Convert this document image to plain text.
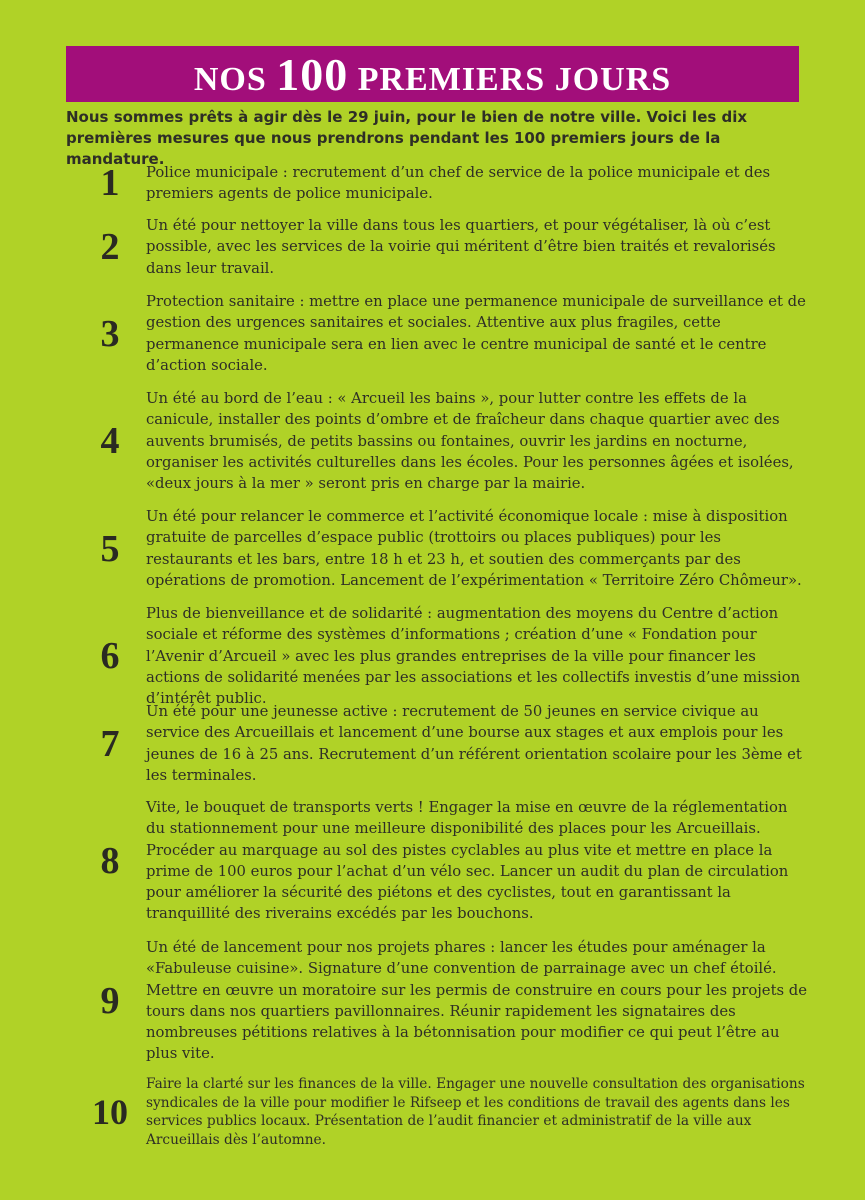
NOS 100 PREMIERS JOURS

Nous sommes prêts à agir dès le 29 juin, pour le bien de notre ville. Voici les dix premières mesures que nous prendrons pendant les 100 premiers jours de la mandature.

1	Police municipale : recrutement d’un chef de service de la police municipale et des premiers agents de police municipale.

2

Un été pour nettoyer la ville dans tous les quartiers, et pour végétaliser, là où c’est possible, avec les services de la voirie qui méritent d’être bien traités et revalorisés dans leur travail.

3

Protection sanitaire : mettre en place une permanence municipale de surveillance et de gestion des urgences sanitaires et sociales. Attentive aux plus fragiles, cette permanence municipale sera en lien avec le centre municipal de santé et le centre d’action sociale.

4

Un été au bord de l’eau : « Arcueil les bains », pour lutter contre les effets de la canicule, installer des points d’ombre et de fraîcheur dans chaque quartier avec des auvents brumisés, de petits bassins ou fontaines, ouvrir les jardins en nocturne, organiser les activités culturelles dans les écoles. Pour les personnes âgées et isolées, «deux jours à la mer » seront pris en charge par la mairie.

5

Un été pour relancer le commerce et l’activité économique locale : mise à disposition gratuite de parcelles d’espace public (trottoirs ou places publiques) pour les restaurants et les bars, entre 18 h et 23 h, et soutien des commerçants par des opérations de promotion. Lancement de l’expérimentation « Territoire Zéro Chômeur».

6

Plus de bienveillance et de solidarité : augmentation des moyens du Centre d’action sociale et réforme des systèmes d’informations ; création d’une « Fondation pour l’Avenir d’Arcueil » avec les plus grandes entreprises de la ville pour financer les actions de solidarité menées par les associations et les collectifs investis d’une mission d’intérêt public.

7

Un été pour une jeunesse active : recrutement de 50 jeunes en service civique au service des Arcueillais et lancement d’une bourse aux stages et aux emplois pour les jeunes de 16 à 25 ans. Recrutement d’un référent orientation scolaire pour les 3ème et les terminales.

8

Vite, le bouquet de transports verts ! Engager la mise en œuvre de la réglementation du stationnement pour une meilleure disponibilité des places pour les Arcueillais. Procéder au marquage au sol des pistes cyclables au plus vite et mettre en place la prime de 100 euros pour l’achat d’un vélo sec. Lancer un audit du plan de circulation pour améliorer la sécurité des piétons et des cyclistes, tout en garantissant la tranquillité des riverains excédés par les bouchons.

9

Un été de lancement pour nos projets phares : lancer les études pour aménager la «Fabuleuse cuisine». Signature d’une convention de parrainage avec un chef étoilé. Mettre en œuvre un moratoire sur les permis de construire en cours pour les projets de tours dans nos quartiers pavillonnaires. Réunir rapidement les signataires des nombreuses pétitions relatives à la bétonnisation pour modifier ce qui peut l’être au plus vite.

10

Faire la clarté sur les finances de la ville. Engager une nouvelle consultation des organisations syndicales de la ville pour modifier le Rifseep et les conditions de travail des agents dans les services publics locaux. Présentation de l’audit financier et administratif de la ville aux Arcueillais dès l’automne.
